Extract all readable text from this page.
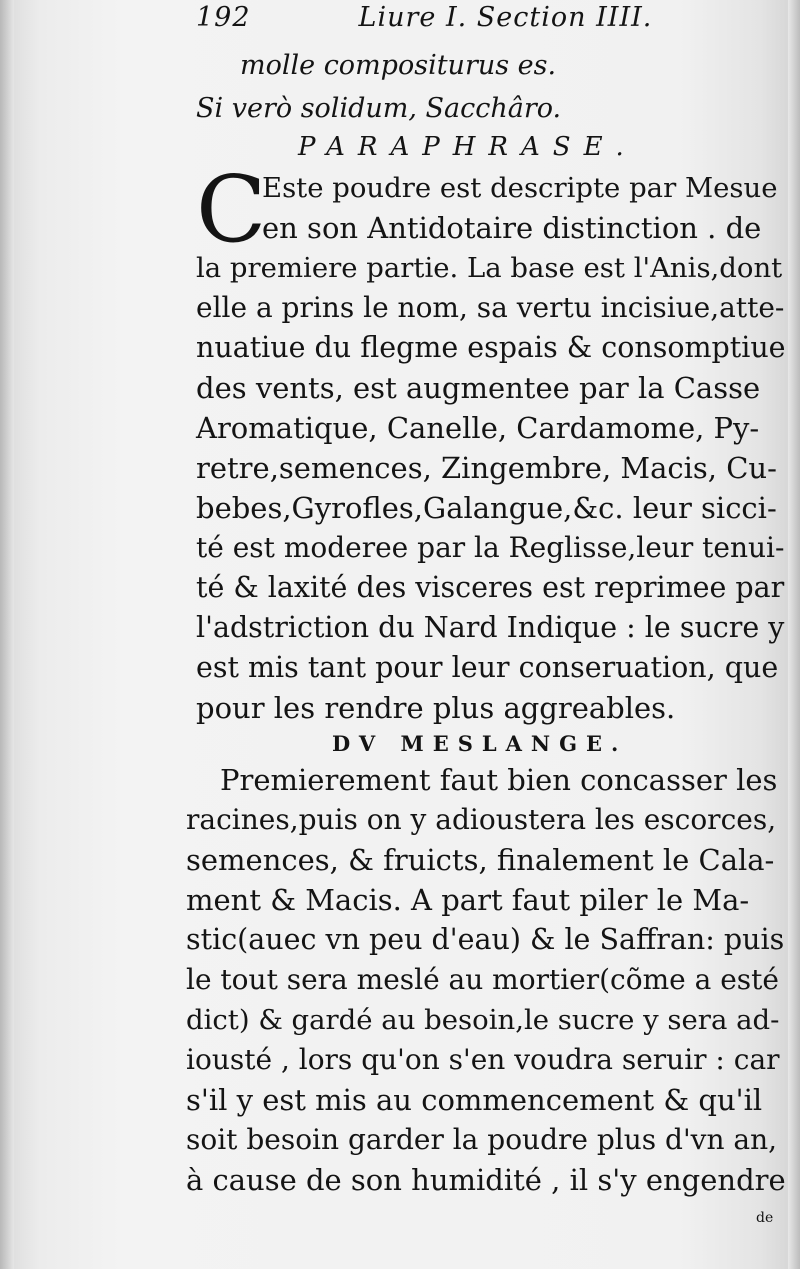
192	Liure I. Section IIII.
molle compositurus es.
Si verò solidum, Sacchâro.
PARAPHRASE.
C
Este poudre est descripte par Mesue
en son Antidotaire distinction . de
la premiere partie. La base est l'Anis,dont
elle a prins le nom, sa vertu incisiue,atte-
nuatiue du flegme espais & consomptiue
des vents, est augmentee par la Casse
Aromatique, Canelle, Cardamome, Py-
retre,semences, Zingembre, Macis, Cu-
bebes,Gyrofles,Galangue,&c. leur sicci-
té est moderee par la Reglisse,leur tenui-
té & laxité des visceres est reprimee par
l'adstriction du Nard Indique : le sucre y
est mis tant pour leur conseruation, que
pour les rendre plus aggreables.
DV MESLANGE.
Premierement faut bien concasser les
racines,puis on y adioustera les escorces,
semences, & fruicts, finalement le Cala-
ment & Macis. A part faut piler le Ma-
stic(auec vn peu d'eau) & le Saffran: puis
le tout sera meslé au mortier(cõme a esté
dict) & gardé au besoin,le sucre y sera ad-
iousté , lors qu'on s'en voudra seruir : car
s'il y est mis au commencement & qu'il
soit besoin garder la poudre plus d'vn an,
à cause de son humidité , il s'y engendre
de
